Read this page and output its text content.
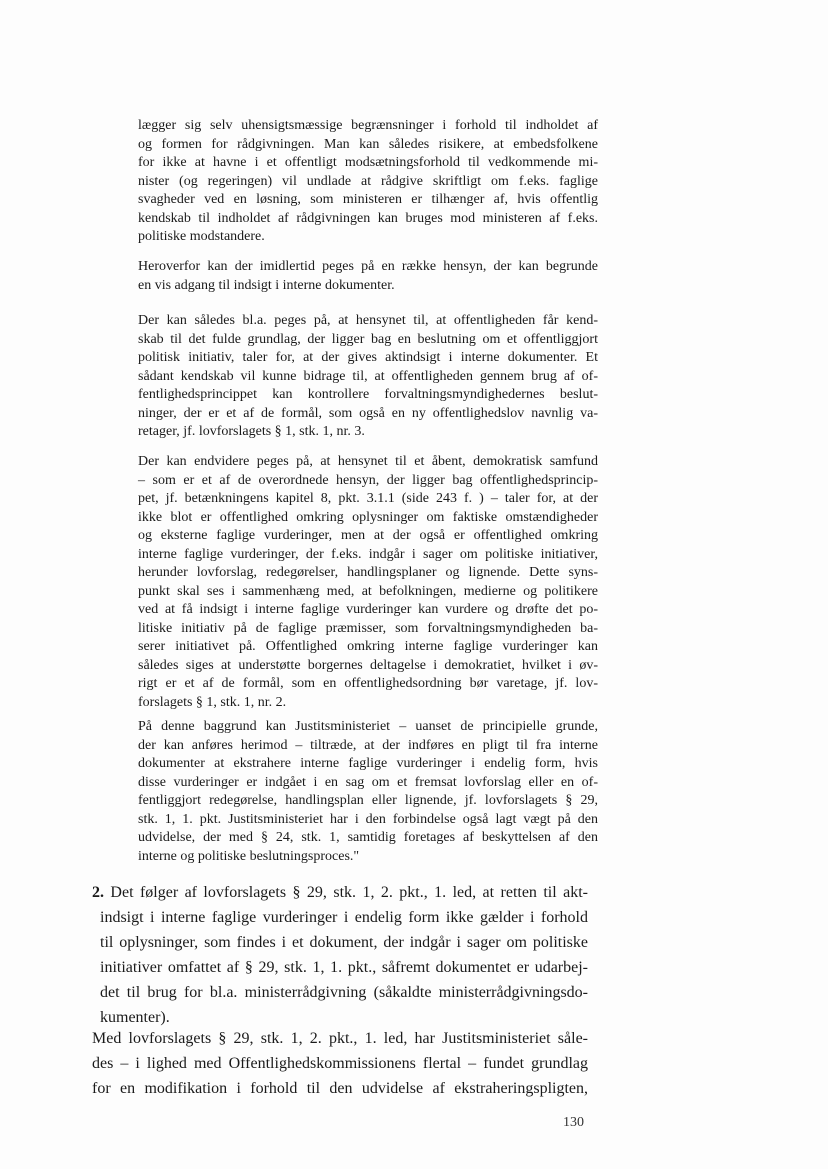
lægger sig selv uhensigtsmæssige begrænsninger i forhold til indholdet af
og formen for rådgivningen. Man kan således risikere, at embedsfolkene
for ikke at havne i et offentligt modsætningsforhold til vedkommende mi-
nister (og regeringen) vil undlade at rådgive skriftligt om f.eks. faglige
svagheder ved en løsning, som ministeren er tilhænger af, hvis offentlig
kendskab til indholdet af rådgivningen kan bruges mod ministeren af f.eks.
politiske modstandere.
Heroverfor kan der imidlertid peges på en række hensyn, der kan begrunde
en vis adgang til indsigt i interne dokumenter.
Der kan således bl.a. peges på, at hensynet til, at offentligheden får kend-
skab til det fulde grundlag, der ligger bag en beslutning om et offentliggjort
politisk initiativ, taler for, at der gives aktindsigt i interne dokumenter. Et
sådant kendskab vil kunne bidrage til, at offentligheden gennem brug af of-
fentlighedsprincippet kan kontrollere forvaltningsmyndighedernes beslut-
ninger, der er et af de formål, som også en ny offentlighedslov navnlig va-
retager, jf. lovforslagets § 1, stk. 1, nr. 3.
Der kan endvidere peges på, at hensynet til et åbent, demokratisk samfund
– som er et af de overordnede hensyn, der ligger bag offentlighedsprincip-
pet, jf. betænkningens kapitel 8, pkt. 3.1.1 (side 243 f. ) – taler for, at der
ikke blot er offentlighed omkring oplysninger om faktiske omstændigheder
og eksterne faglige vurderinger, men at der også er offentlighed omkring
interne faglige vurderinger, der f.eks. indgår i sager om politiske initiativer,
herunder lovforslag, redegørelser, handlingsplaner og lignende. Dette syns-
punkt skal ses i sammenhæng med, at befolkningen, medierne og politikere
ved at få indsigt i interne faglige vurderinger kan vurdere og drøfte det po-
litiske initiativ på de faglige præmisser, som forvaltningsmyndigheden ba-
serer initiativet på. Offentlighed omkring interne faglige vurderinger kan
således siges at understøtte borgernes deltagelse i demokratiet, hvilket i øv-
rigt er et af de formål, som en offentlighedsordning bør varetage, jf. lov-
forslagets § 1, stk. 1, nr. 2.
På denne baggrund kan Justitsministeriet – uanset de principielle grunde,
der kan anføres herimod – tiltræde, at der indføres en pligt til fra interne
dokumenter at ekstrahere interne faglige vurderinger i endelig form, hvis
disse vurderinger er indgået i en sag om et fremsat lovforslag eller en of-
fentliggjort redegørelse, handlingsplan eller lignende, jf. lovforslagets § 29,
stk. 1, 1. pkt. Justitsministeriet har i den forbindelse også lagt vægt på den
udvidelse, der med § 24, stk. 1, samtidig foretages af beskyttelsen af den
interne og politiske beslutningsproces."
2. Det følger af lovforslagets § 29, stk. 1, 2. pkt., 1. led, at retten til akt-
indsigt i interne faglige vurderinger i endelig form ikke gælder i forhold
til oplysninger, som findes i et dokument, der indgår i sager om politiske
initiativer omfattet af § 29, stk. 1, 1. pkt., såfremt dokumentet er udarbej-
det til brug for bl.a. ministerrådgivning (såkaldte ministerrådgivningsdo-
kumenter).
Med lovforslagets § 29, stk. 1, 2. pkt., 1. led, har Justitsministeriet såle-
des – i lighed med Offentlighedskommissionens flertal – fundet grundlag
for en modifikation i forhold til den udvidelse af ekstraheringspligten,
130
